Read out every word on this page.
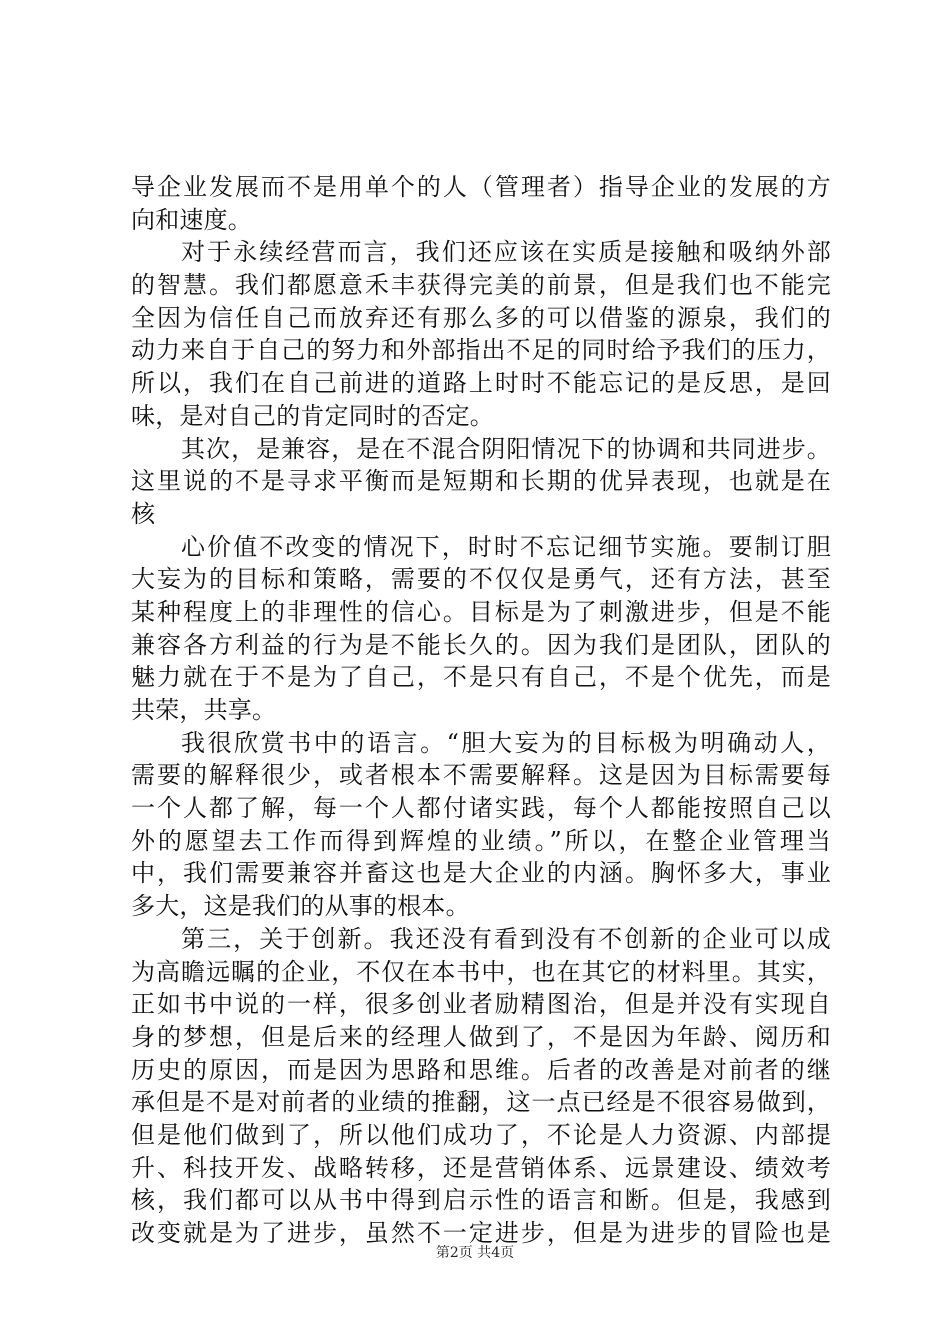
导企业发展而不是用单个的人（管理者）指导企业的发展的方
向和速度。
对于永续经营而言，我们还应该在实质是接触和吸纳外部
的智慧。我们都愿意禾丰获得完美的前景，但是我们也不能完
全因为信任自己而放弃还有那么多的可以借鉴的源泉，我们的
动力来自于自己的努力和外部指出不足的同时给予我们的压力，
所以，我们在自己前进的道路上时时不能忘记的是反思，是回
味，是对自己的肯定同时的否定。
其次，是兼容，是在不混合阴阳情况下的协调和共同进步。
这里说的不是寻求平衡而是短期和长期的优异表现，也就是在
核
心价值不改变的情况下，时时不忘记细节实施。要制订胆
大妄为的目标和策略，需要的不仅仅是勇气，还有方法，甚至
某种程度上的非理性的信心。目标是为了刺激进步，但是不能
兼容各方利益的行为是不能长久的。因为我们是团队，团队的
魅力就在于不是为了自己，不是只有自己，不是个优先，而是
共荣，共享。
我很欣赏书中的语言。“胆大妄为的目标极为明确动人，
需要的解释很少，或者根本不需要解释。这是因为目标需要每
一个人都了解，每一个人都付诸实践，每个人都能按照自己以
外的愿望去工作而得到辉煌的业绩。”所以，在整企业管理当
中，我们需要兼容并畜这也是大企业的内涵。胸怀多大，事业
多大，这是我们的从事的根本。
第三，关于创新。我还没有看到没有不创新的企业可以成
为高瞻远瞩的企业，不仅在本书中，也在其它的材料里。其实，
正如书中说的一样，很多创业者励精图治，但是并没有实现自
身的梦想，但是后来的经理人做到了，不是因为年龄、阅历和
历史的原因，而是因为思路和思维。后者的改善是对前者的继
承但是不是对前者的业绩的推翻，这一点已经是不很容易做到，
但是他们做到了，所以他们成功了，不论是人力资源、内部提
升、科技开发、战略转移，还是营销体系、远景建设、绩效考
核，我们都可以从书中得到启示性的语言和断。但是，我感到
改变就是为了进步，虽然不一定进步，但是为进步的冒险也是
第2页 共4页
